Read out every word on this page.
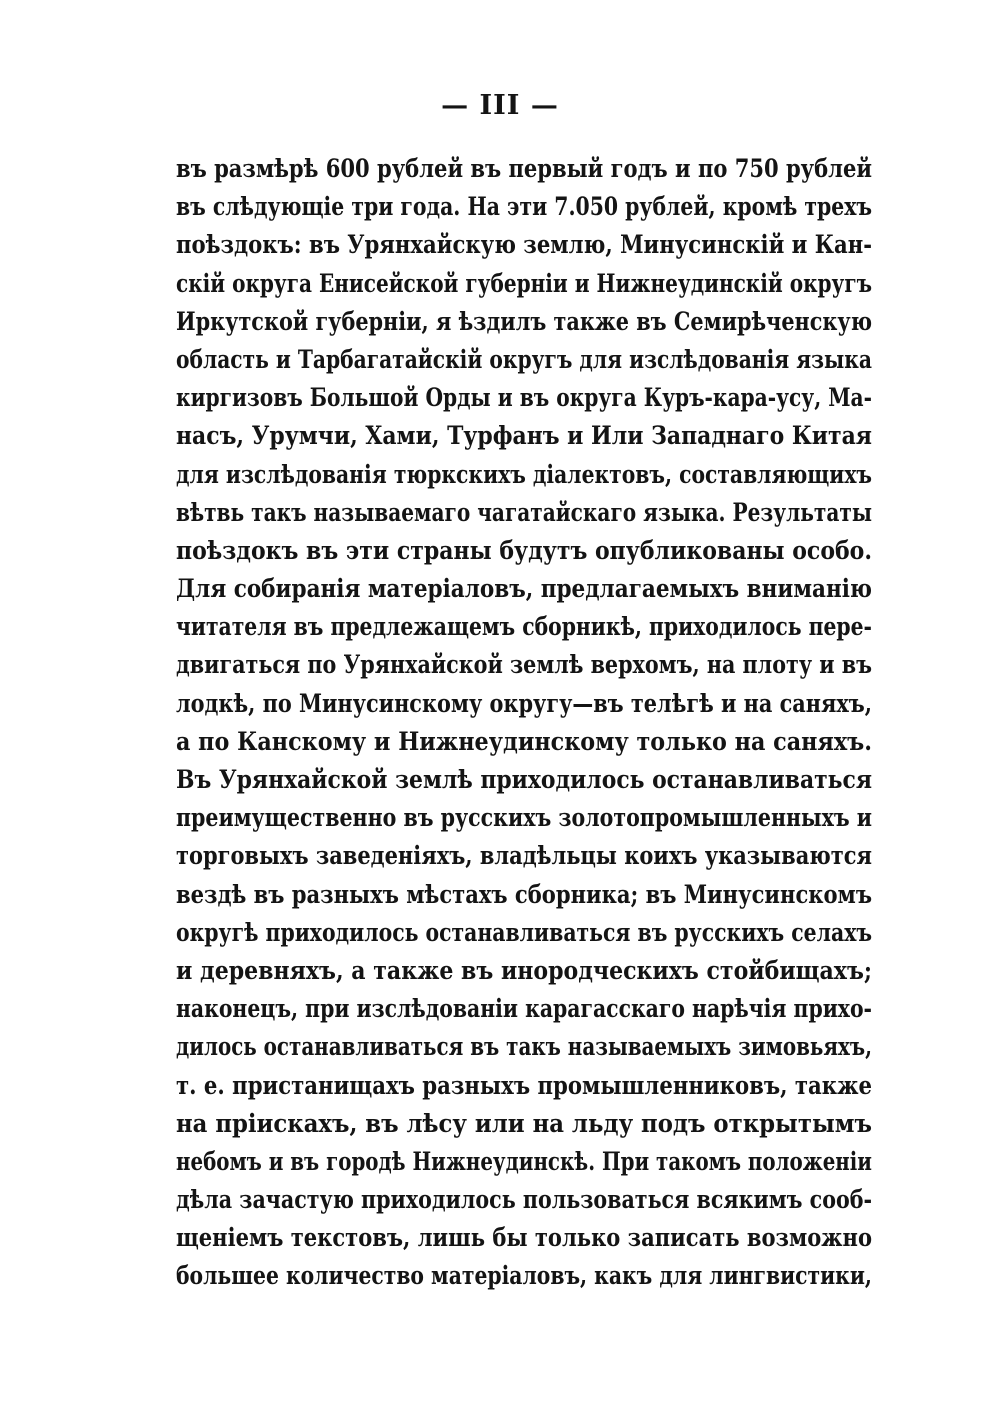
— III —
въ размѣрѣ 600 рублей въ первый годъ и по 750 рублей
въ слѣдующіе три года. На эти 7.050 рублей, кромѣ трехъ
поѣздокъ: въ Урянхайскую землю, Минусинскій и Кан-
скій округа Енисейской губерніи и Нижнеудинскій округъ
Иркутской губерніи, я ѣздилъ также въ Семирѣченскую
область и Тарбагатайскій округъ для изслѣдованія языка
киргизовъ Большой Орды и въ округа Куръ-кара-усу, Ма-
насъ, Урумчи, Хами, Турфанъ и Или Западнаго Китая
для изслѣдованія тюркскихъ діалектовъ, составляющихъ
вѣтвь такъ называемаго чагатайскаго языка. Результаты
поѣздокъ въ эти страны будутъ опубликованы особо.
Для собиранія матеріаловъ, предлагаемыхъ вниманію
читателя въ предлежащемъ сборникѣ, приходилось пере-
двигаться по Урянхайской землѣ верхомъ, на плоту и въ
лодкѣ, по Минусинскому округу—въ телѣгѣ и на саняхъ,
а по Канскому и Нижнеудинскому только на саняхъ.
Въ Урянхайской землѣ приходилось останавливаться
преимущественно въ русскихъ золотопромышленныхъ и
торговыхъ заведеніяхъ, владѣльцы коихъ указываются
вездѣ въ разныхъ мѣстахъ сборника; въ Минусинскомъ
округѣ приходилось останавливаться въ русскихъ селахъ
и деревняхъ, а также въ инородческихъ стойбищахъ;
наконецъ, при изслѣдованіи карагасскаго нарѣчія прихо-
дилось останавливаться въ такъ называемыхъ зимовьяхъ,
т. е. пристанищахъ разныхъ промышленниковъ, также
на пріискахъ, въ лѣсу или на льду подъ открытымъ
небомъ и въ городѣ Нижнеудинскѣ. При такомъ положеніи
дѣла зачастую приходилось пользоваться всякимъ сооб-
щеніемъ текстовъ, лишь бы только записать возможно
большее количество матеріаловъ, какъ для лингвистики,
